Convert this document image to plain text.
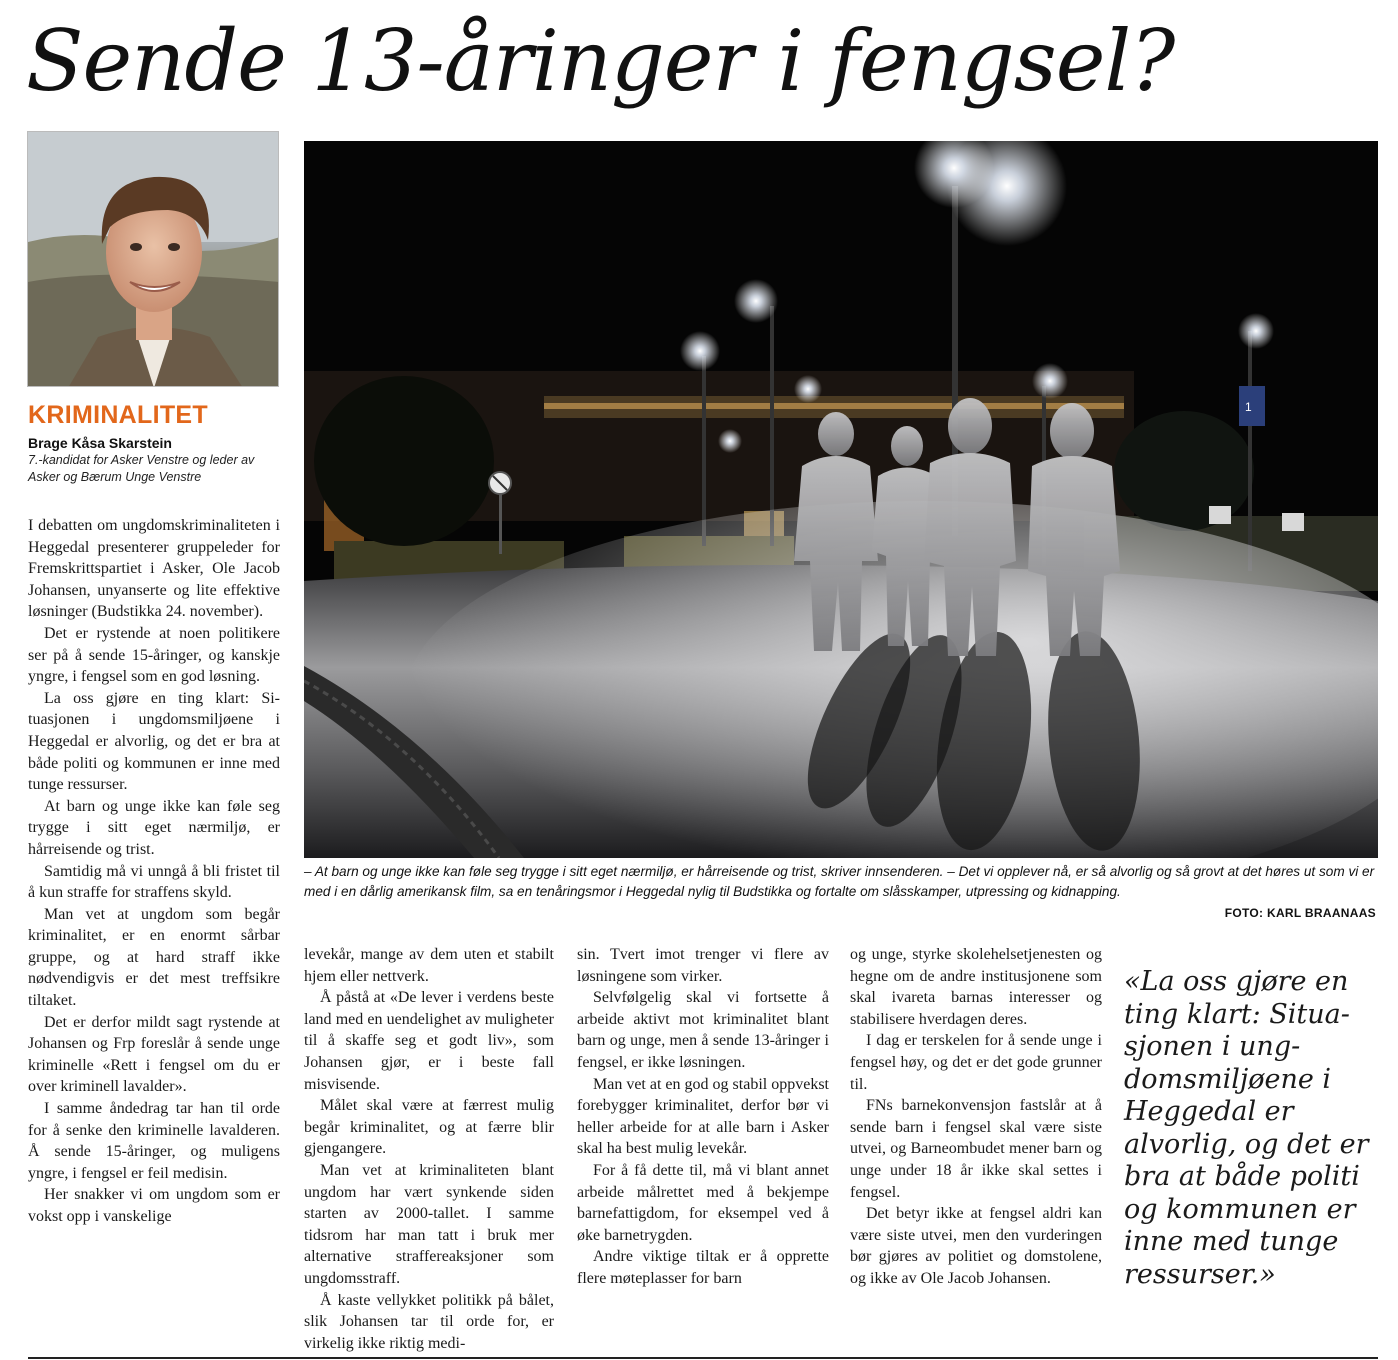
Sende 13-åringer i fengsel?
KRIMINALITET
Brage Kåsa Skarstein
7.-kandidat for Asker Venstre og leder av Asker og Bærum Unge Venstre

I debatten om ungdomskriminaliteten i Heggedal presenterer gruppeleder for Fremskrittspartiet i Asker, Ole Jacob Johansen, unyanserte og lite effektive løsninger (Budstikka 24. november).

Det er rystende at noen politikere ser på å sende 15-åringer, og kanskje yngre, i fengsel som en god løsning.

La oss gjøre en ting klart: Situasjonen i ungdomsmiljøene i Heggedal er alvorlig, og det er bra at både politi og kommunen er inne med tunge ressurser.

At barn og unge ikke kan føle seg trygge i sitt eget nærmiljø, er hårreisende og trist.

Samtidig må vi unngå å bli fristet til å kun straffe for straffens skyld.

Man vet at ungdom som begår kriminalitet, er en enormt sårbar gruppe, og at hard straff ikke nødvendigvis er det mest treffsikre tiltaket.

Det er derfor mildt sagt rystende at Johansen og Frp foreslår å sende unge kriminelle «Rett i fengsel om du er over kriminell lavalder».

I samme åndedrag tar han til orde for å senke den kriminelle lavalderen. Å sende 15-åringer, og muligens yngre, i fengsel er feil medisin.

Her snakker vi om ungdom som er vokst opp i vanskelige

1

– At barn og unge ikke kan føle seg trygge i sitt eget nærmiljø, er hårreisende og trist, skriver innsenderen. – Det vi opplever nå, er så alvorlig og så grovt at det høres ut som vi er med i en dårlig amerikansk film, sa en tenåringsmor i Heggedal nylig til Budstikka og fortalte om slåsskamper, utpressing og kidnapping.

FOTO: KARL BRAANAAS

levekår, mange av dem uten et stabilt hjem eller nettverk.

Å påstå at «De lever i verdens beste land med en uendelighet av muligheter til å skaffe seg et godt liv», som Johansen gjør, er i beste fall misvisende.

Målet skal være at færrest mulig begår kriminalitet, og at færre blir gjengangere.

Man vet at kriminaliteten blant ungdom har vært synkende siden starten av 2000-tallet. I samme tidsrom har man tatt i bruk mer alternative straffereaksjoner som ungdomsstraff.

Å kaste vellykket politikk på bålet, slik Johansen tar til orde for, er virkelig ikke riktig medi-

sin. Tvert imot trenger vi flere av løsningene som virker.

Selvfølgelig skal vi fortsette å arbeide aktivt mot kriminalitet blant barn og unge, men å sende 13-åringer i fengsel, er ikke løsningen.

Man vet at en god og stabil oppvekst forebygger kriminalitet, derfor bør vi heller arbeide for at alle barn i Asker skal ha best mulig levekår.

For å få dette til, må vi blant annet arbeide målrettet med å bekjempe barnefattigdom, for eksempel ved å øke barnetrygden.

Andre viktige tiltak er å opprette flere møteplasser for barn

og unge, styrke skolehelsetjenesten og hegne om de andre institusjonene som skal ivareta barnas interesser og stabilisere hverdagen deres.

I dag er terskelen for å sende unge i fengsel høy, og det er det gode grunner til.

FNs barnekonvensjon fastslår at å sende barn i fengsel skal være siste utvei, og Barneombudet mener barn og unge under 18 år ikke skal settes i fengsel.

Det betyr ikke at fengsel aldri kan være siste utvei, men den vurderingen bør gjøres av politiet og domstolene, og ikke av Ole Jacob Johansen.

«La oss gjøre en ting klart: Situasjonen i ungdomsmiljøene i Heggedal er alvorlig, og det er bra at både politi og kommunen er inne med tunge ressurser.»
